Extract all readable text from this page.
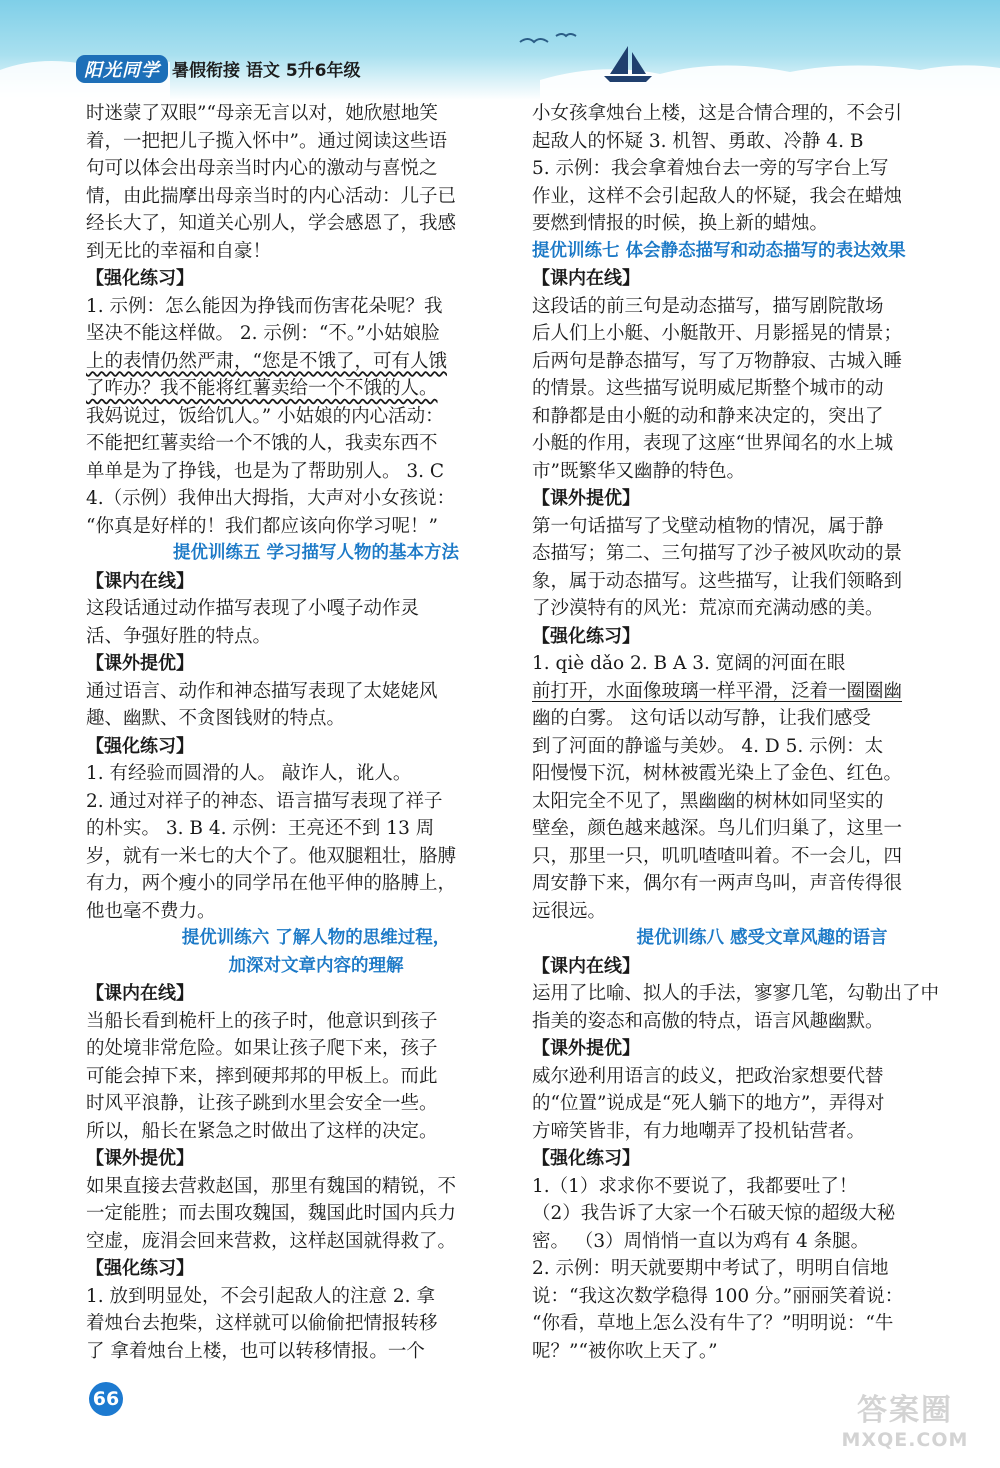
阳光同学 暑假衔接 语文 5升6年级
时迷蒙了双眼”“母亲无言以对，她欣慰地笑
着，一把把儿子揽入怀中”。通过阅读这些语
句可以体会出母亲当时内心的激动与喜悦之
情，由此揣摩出母亲当时的内心活动：儿子已
经长大了，知道关心别人，学会感恩了，我感
到无比的幸福和自豪！
【强化练习】
1. 示例：怎么能因为挣钱而伤害花朵呢？我
坚决不能这样做。 2. 示例：“不。”小姑娘脸
上的表情仍然严肃，“您是不饿了，可有人饿
了咋办？我不能将红薯卖给一个不饿的人。
我妈说过，饭给饥人。” 小姑娘的内心活动：
不能把红薯卖给一个不饿的人，我卖东西不
单单是为了挣钱，也是为了帮助别人。 3. C
4.（示例）我伸出大拇指，大声对小女孩说：
“你真是好样的！我们都应该向你学习呢！”
提优训练五 学习描写人物的基本方法
【课内在线】
这段话通过动作描写表现了小嘎子动作灵
活、争强好胜的特点。
【课外提优】
通过语言、动作和神态描写表现了太姥姥风
趣、幽默、不贪图钱财的特点。
【强化练习】
1. 有经验而圆滑的人。 敲诈人，讹人。
2. 通过对祥子的神态、语言描写表现了祥子
的朴实。 3. B 4. 示例：王亮还不到 13 周
岁，就有一米七的大个了。他双腿粗壮，胳膊
有力，两个瘦小的同学吊在他平伸的胳膊上，
他也毫不费力。
提优训练六 了解人物的思维过程，
加深对文章内容的理解
【课内在线】
当船长看到桅杆上的孩子时，他意识到孩子
的处境非常危险。如果让孩子爬下来，孩子
可能会掉下来，摔到硬邦邦的甲板上。而此
时风平浪静，让孩子跳到水里会安全一些。
所以，船长在紧急之时做出了这样的决定。
【课外提优】
如果直接去营救赵国，那里有魏国的精锐，不
一定能胜；而去围攻魏国，魏国此时国内兵力
空虚，庞涓会回来营救，这样赵国就得救了。
【强化练习】
1. 放到明显处，不会引起敌人的注意 2. 拿
着烛台去抱柴，这样就可以偷偷把情报转移
了 拿着烛台上楼，也可以转移情报。一个
小女孩拿烛台上楼，这是合情合理的，不会引
起敌人的怀疑 3. 机智、勇敢、冷静 4. B
5. 示例：我会拿着烛台去一旁的写字台上写
作业，这样不会引起敌人的怀疑，我会在蜡烛
要燃到情报的时候，换上新的蜡烛。
提优训练七 体会静态描写和动态描写的表达效果
【课内在线】
这段话的前三句是动态描写，描写剧院散场
后人们上小艇、小艇散开、月影摇晃的情景；
后两句是静态描写，写了万物静寂、古城入睡
的情景。这些描写说明威尼斯整个城市的动
和静都是由小艇的动和静来决定的，突出了
小艇的作用，表现了这座“世界闻名的水上城
市”既繁华又幽静的特色。
【课外提优】
第一句话描写了戈壁动植物的情况，属于静
态描写；第二、三句描写了沙子被风吹动的景
象，属于动态描写。这些描写，让我们领略到
了沙漠特有的风光：荒凉而充满动感的美。
【强化练习】
1. qiè dǎo 2. B A 3. 宽阔的河面在眼
前打开，水面像玻璃一样平滑，泛着一圈圈幽
幽的白雾。 这句话以动写静，让我们感受
到了河面的静谧与美妙。 4. D 5. 示例：太
阳慢慢下沉，树林被霞光染上了金色、红色。
太阳完全不见了，黑幽幽的树林如同坚实的
壁垒，颜色越来越深。鸟儿们归巢了，这里一
只，那里一只，叽叽喳喳叫着。不一会儿，四
周安静下来，偶尔有一两声鸟叫，声音传得很
远很远。
提优训练八 感受文章风趣的语言
【课内在线】
运用了比喻、拟人的手法，寥寥几笔，勾勒出了中
指美的姿态和高傲的特点，语言风趣幽默。
【课外提优】
威尔逊利用语言的歧义，把政治家想要代替
的“位置”说成是“死人躺下的地方”，弄得对
方啼笑皆非，有力地嘲弄了投机钻营者。
【强化练习】
1.（1）求求你不要说了，我都要吐了！
（2）我告诉了大家一个石破天惊的超级大秘
密。 （3）周悄悄一直以为鸡有 4 条腿。
2. 示例：明天就要期中考试了，明明自信地
说：“我这次数学稳得 100 分。”丽丽笑着说：
“你看，草地上怎么没有牛了？”明明说：“牛
呢？”“被你吹上天了。”
66	答案圈
MXQE.COM
